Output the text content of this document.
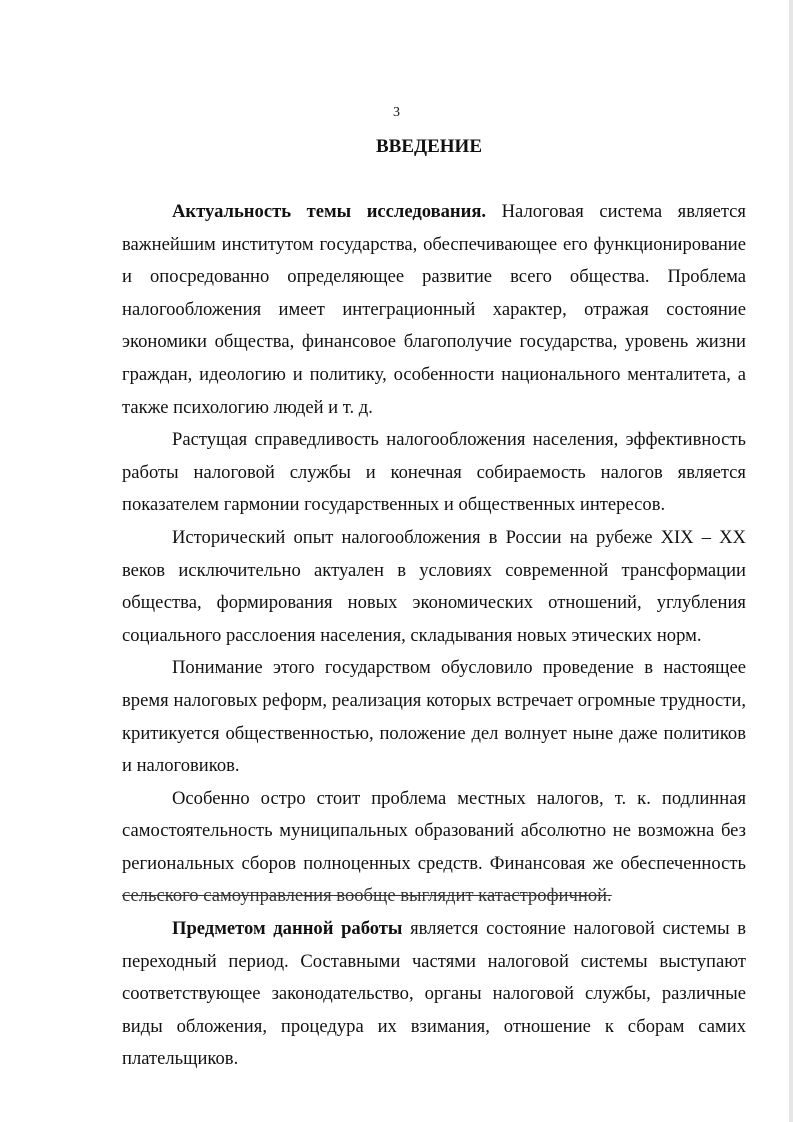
3
ВВЕДЕНИЕ

Актуальность темы исследования. Налоговая система является важнейшим институтом государства, обеспечивающее его функционирование и опосредованно определяющее развитие всего общества. Проблема налогообложения имеет интеграционный характер, отражая состояние экономики общества, финансовое благополучие государства, уровень жизни граждан, идеологию и политику, особенности национального менталитета, а также психологию людей и т. д.

Растущая справедливость налогообложения населения, эффективность работы налоговой службы и конечная собираемость налогов является показателем гармонии государственных и общественных интересов.

Исторический опыт налогообложения в России на рубеже XIX – XX веков исключительно актуален в условиях современной трансформации общества, формирования новых экономических отношений, углубления социального расслоения населения, складывания новых этических норм.

Понимание этого государством обусловило проведение в настоящее время налоговых реформ, реализация которых встречает огромные трудности, критикуется общественностью, положение дел волнует ныне даже политиков и налоговиков.

Особенно остро стоит проблема местных налогов, т. к. подлинная самостоятельность муниципальных образований абсолютно не возможна без региональных сборов полноценных средств. Финансовая же обеспеченность сельского самоуправления вообще выглядит катастрофичной.

Предметом данной работы является состояние налоговой системы в переходный период. Составными частями налоговой системы выступают соответствующее законодательство, органы налоговой службы, различные виды обложения, процедура их взимания, отношение к сборам самих плательщиков.
